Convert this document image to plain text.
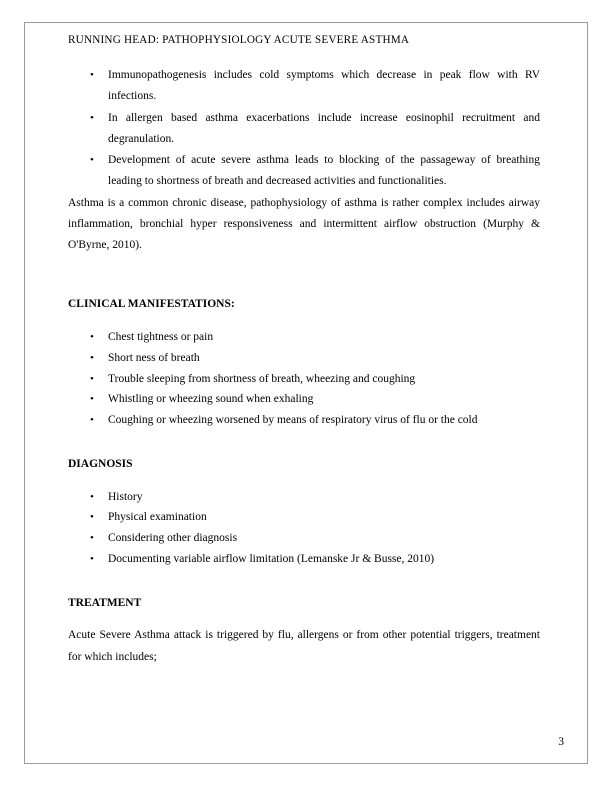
RUNNING HEAD: PATHOPHYSIOLOGY ACUTE SEVERE ASTHMA
• Immunopathogenesis includes cold symptoms which decrease in peak flow with RV infections.
• In allergen based asthma exacerbations include increase eosinophil recruitment and degranulation.
• Development of acute severe asthma leads to blocking of the passageway of breathing leading to shortness of breath and decreased activities and functionalities.

Asthma is a common chronic disease, pathophysiology of asthma is rather complex includes airway inflammation, bronchial hyper responsiveness and intermittent airflow obstruction (Murphy & O'Byrne, 2010).

CLINICAL MANIFESTATIONS:
• Chest tightness or pain
• Short ness of breath
• Trouble sleeping from shortness of breath, wheezing and coughing
• Whistling or wheezing sound when exhaling
• Coughing or wheezing worsened by means of respiratory virus of flu or the cold
DIAGNOSIS
• History
• Physical examination
• Considering other diagnosis
• Documenting variable airflow limitation (Lemanske Jr & Busse, 2010)
TREATMENT

Acute Severe Asthma attack is triggered by flu, allergens or from other potential triggers, treatment for which includes;

3
